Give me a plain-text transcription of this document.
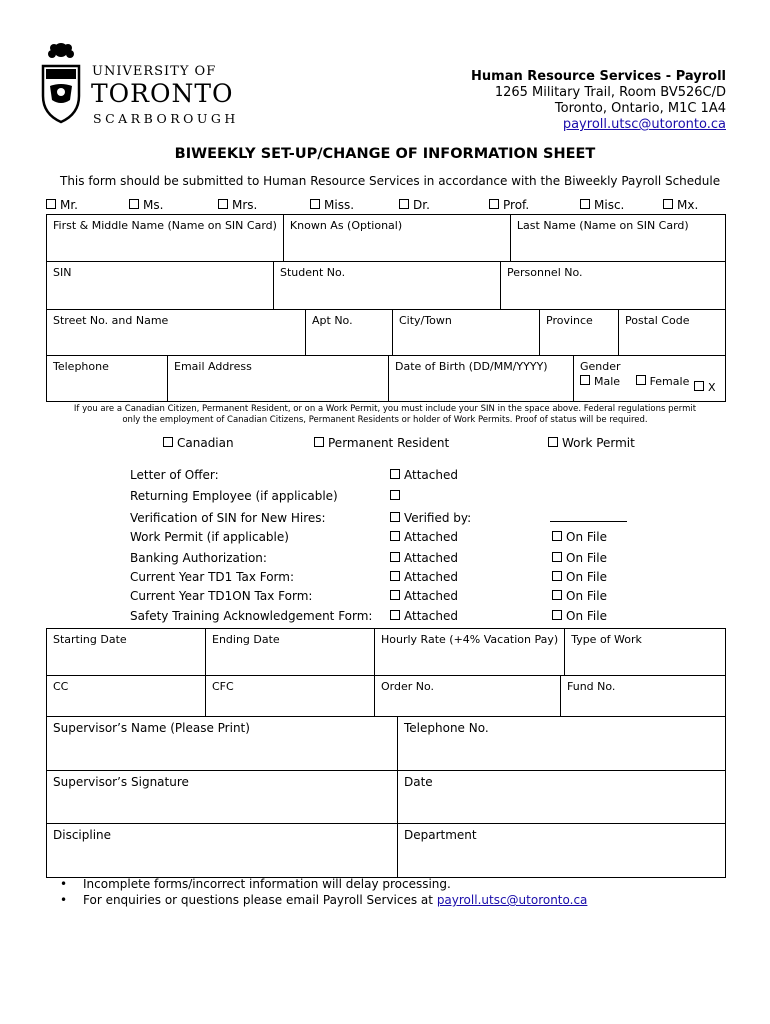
UNIVERSITY OF
TORONTO
SCARBOROUGH
Human Resource Services - Payroll
1265 Military Trail, Room BV526C/D
Toronto, Ontario, M1C 1A4
payroll.utsc@utoronto.ca
BIWEEKLY SET-UP/CHANGE OF INFORMATION SHEET
This form should be submitted to Human Resource Services in accordance with the Biweekly Payroll Schedule
Mr.	Ms.	Mrs.	Miss.	Dr.	Prof.	Misc.	Mx.
First & Middle Name (Name on SIN Card)	Known As (Optional)	Last Name (Name on SIN Card)
SIN	Student No.	Personnel No.
Street No. and Name	Apt No.	City/Town	Province	Postal Code
Telephone	Email Address	Date of Birth (DD/MM/YYYY)	Gender
Male	Female	X
If you are a Canadian Citizen, Permanent Resident, or on a Work Permit, you must include your SIN in the space above. Federal regulations permit
only the employment of Canadian Citizens, Permanent Residents or holder of Work Permits. Proof of status will be required.
Canadian	Permanent Resident	Work Permit
Letter of Offer:	Attached
Returning Employee (if applicable)
Verification of SIN for New Hires:	Verified by:
Work Permit (if applicable)	Attached	On File
Banking Authorization:	Attached	On File
Current Year TD1 Tax Form:	Attached	On File
Current Year TD1ON Tax Form:	Attached	On File
Safety Training Acknowledgement Form:	Attached	On File
Starting Date	Ending Date	Hourly Rate (+4% Vacation Pay)	Type of Work
CC	CFC	Order No.	Fund No.
Supervisor’s Name (Please Print)	Telephone No.
Supervisor’s Signature	Date
Discipline	Department
• Incomplete forms/incorrect information will delay processing.
• For enquiries or questions please email Payroll Services at payroll.utsc@utoronto.ca
